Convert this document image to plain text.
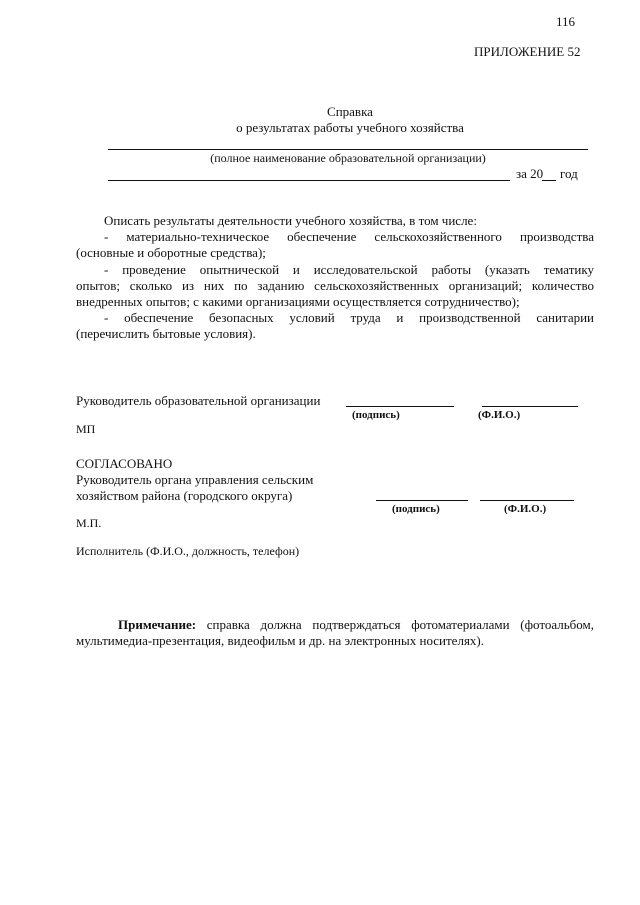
116
ПРИЛОЖЕНИЕ 52
Справка
о результатах работы учебного хозяйства
(полное наименование образовательной организации)
за 20 год
Описать результаты деятельности учебного хозяйства, в том числе:
- материально-техническое обеспечение сельскохозяйственного производства
(основные и оборотные средства);
- проведение опытнической и исследовательской работы (указать тематику
опытов; сколько из них по заданию сельскохозяйственных организаций; количество
внедренных опытов; с какими организациями осуществляется сотрудничество);
- обеспечение безопасных условий труда и производственной санитарии
(перечислить бытовые условия).
Руководитель образовательной организации
(подпись)	(Ф.И.О.)
МП
СОГЛАСОВАНО
Руководитель органа управления сельским
хозяйством района (городского округа)
(подпись)	(Ф.И.О.)
М.П.
Исполнитель (Ф.И.О., должность, телефон)
Примечание: справка должна подтверждаться фотоматериалами (фотоальбом,
мультимедиа-презентация, видеофильм и др. на электронных носителях).
